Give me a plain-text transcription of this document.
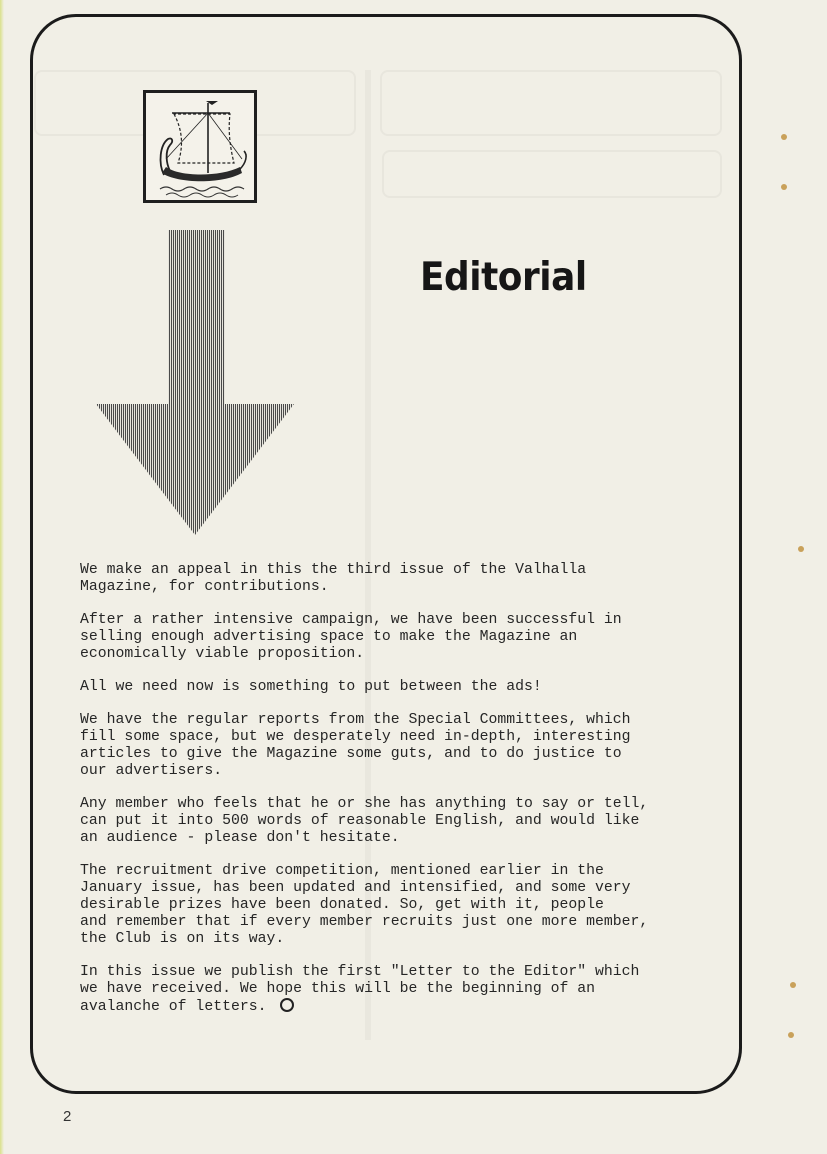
Editorial

We make an appeal in this the third issue of the Valhalla
Magazine, for contributions.

After a rather intensive campaign, we have been successful in
selling enough advertising space to make the Magazine an
economically viable proposition.

All we need now is something to put between the ads!

We have the regular reports from the Special Committees, which
fill some space, but we desperately need in-depth, interesting
articles to give the Magazine some guts, and to do justice to
our advertisers.

Any member who feels that he or she has anything to say or tell,
can put it into 500 words of reasonable English, and would like
an audience - please don't hesitate.

The recruitment drive competition, mentioned earlier in the
January issue, has been updated and intensified, and some very
desirable prizes have been donated. So, get with it, people
and remember that if every member recruits just one more member,
the Club is on its way.

In this issue we publish the first "Letter to the Editor" which
we have received. We hope this will be the beginning of an
avalanche of letters.

2
